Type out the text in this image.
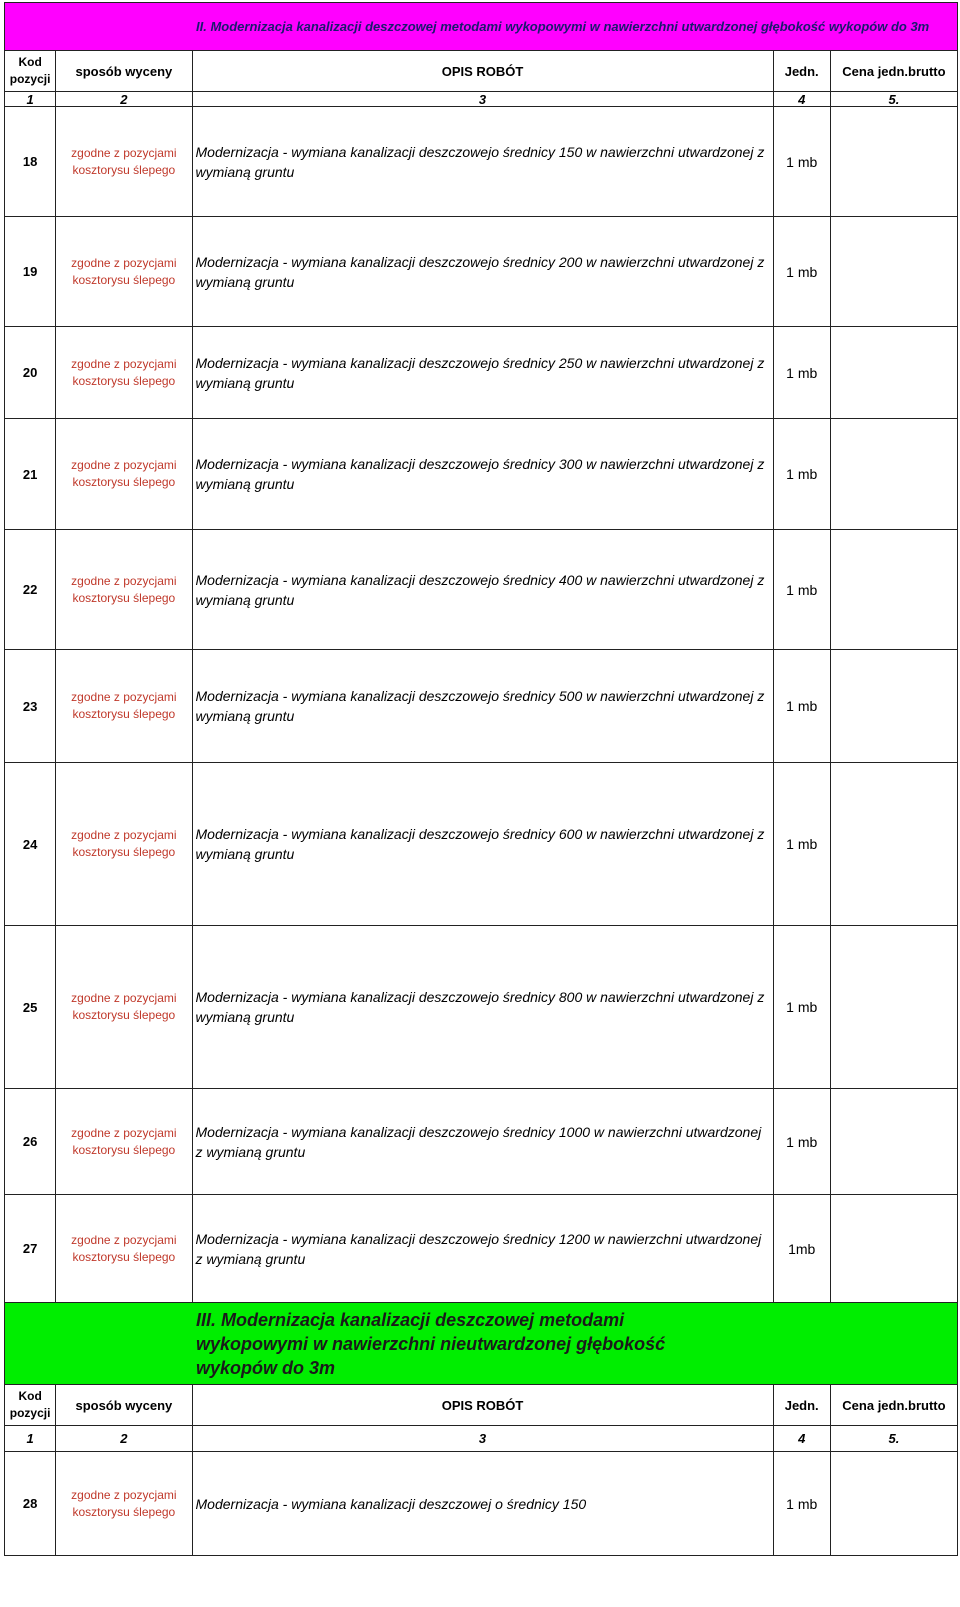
		II. Modernizacja kanalizacji deszczowej metodami wykopowymi w nawierzchni utwardzonej głębokość wykopów do 3m		
Kod pozycji	sposób wyceny	OPIS ROBÓT	Jedn.	Cena jedn.brutto
1	2	3	4	5.
18	zgodne z pozycjami kosztorysu ślepego	Modernizacja - wymiana kanalizacji deszczowejo średnicy 150 w nawierzchni utwardzonej z wymianą gruntu	1 mb	
19	zgodne z pozycjami kosztorysu ślepego	Modernizacja - wymiana kanalizacji deszczowejo średnicy 200 w nawierzchni utwardzonej z wymianą gruntu	1 mb	
20	zgodne z pozycjami kosztorysu ślepego	Modernizacja - wymiana kanalizacji deszczowejo średnicy 250 w nawierzchni utwardzonej z wymianą gruntu	1 mb	
21	zgodne z pozycjami kosztorysu ślepego	Modernizacja - wymiana kanalizacji deszczowejo średnicy 300 w nawierzchni utwardzonej z wymianą gruntu	1 mb	
22	zgodne z pozycjami kosztorysu ślepego	Modernizacja - wymiana kanalizacji deszczowejo średnicy 400 w nawierzchni utwardzonej z wymianą gruntu	1 mb	
23	zgodne z pozycjami kosztorysu ślepego	Modernizacja - wymiana kanalizacji deszczowejo średnicy 500 w nawierzchni utwardzonej z wymianą gruntu	1 mb	
24	zgodne z pozycjami kosztorysu ślepego	Modernizacja - wymiana kanalizacji deszczowejo średnicy 600 w nawierzchni utwardzonej z wymianą gruntu	1 mb	
25	zgodne z pozycjami kosztorysu ślepego	Modernizacja - wymiana kanalizacji deszczowejo średnicy 800 w nawierzchni utwardzonej z wymianą gruntu	1 mb	
26	zgodne z pozycjami kosztorysu ślepego	Modernizacja - wymiana kanalizacji deszczowejo średnicy 1000 w nawierzchni utwardzonej z wymianą gruntu	1 mb	
27	zgodne z pozycjami kosztorysu ślepego	Modernizacja - wymiana kanalizacji deszczowejo średnicy 1200 w nawierzchni utwardzonej z wymianą gruntu	1mb	

		III. Modernizacja kanalizacji deszczowej metodami wykopowymi w nawierzchni nieutwardzonej głębokość wykopów do 3m		

Kod pozycji	sposób wyceny	OPIS ROBÓT	Jedn.	Cena jedn.brutto
1	2	3	4	5.
28	zgodne z pozycjami kosztorysu ślepego	Modernizacja - wymiana kanalizacji deszczowej o średnicy 150	1 mb	
